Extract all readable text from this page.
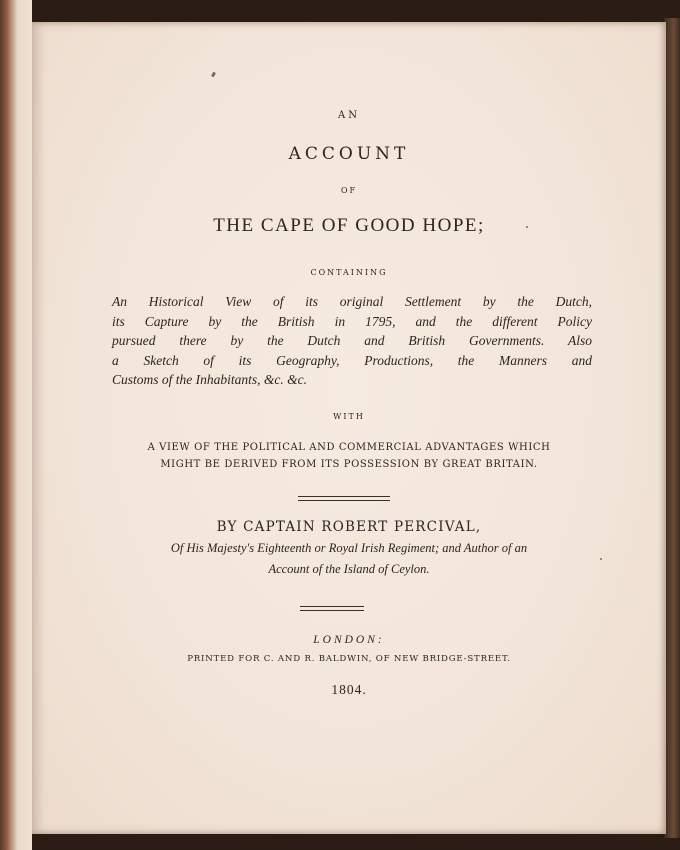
AN
ACCOUNT
OF
THE CAPE OF GOOD HOPE;
CONTAINING
An Historical View of its original Settlement by the Dutch,
its Capture by the British in 1795, and the different Policy
pursued there by the Dutch and British Governments. Also
a Sketch of its Geography, Productions, the Manners and
Customs of the Inhabitants, &c. &c.
WITH
A VIEW OF THE POLITICAL AND COMMERCIAL ADVANTAGES WHICH
MIGHT BE DERIVED FROM ITS POSSESSION BY GREAT BRITAIN.
BY CAPTAIN ROBERT PERCIVAL,
Of His Majesty's Eighteenth or Royal Irish Regiment; and Author of an
Account of the Island of Ceylon.
LONDON:
PRINTED FOR C. AND R. BALDWIN, OF NEW BRIDGE-STREET.
1804.
